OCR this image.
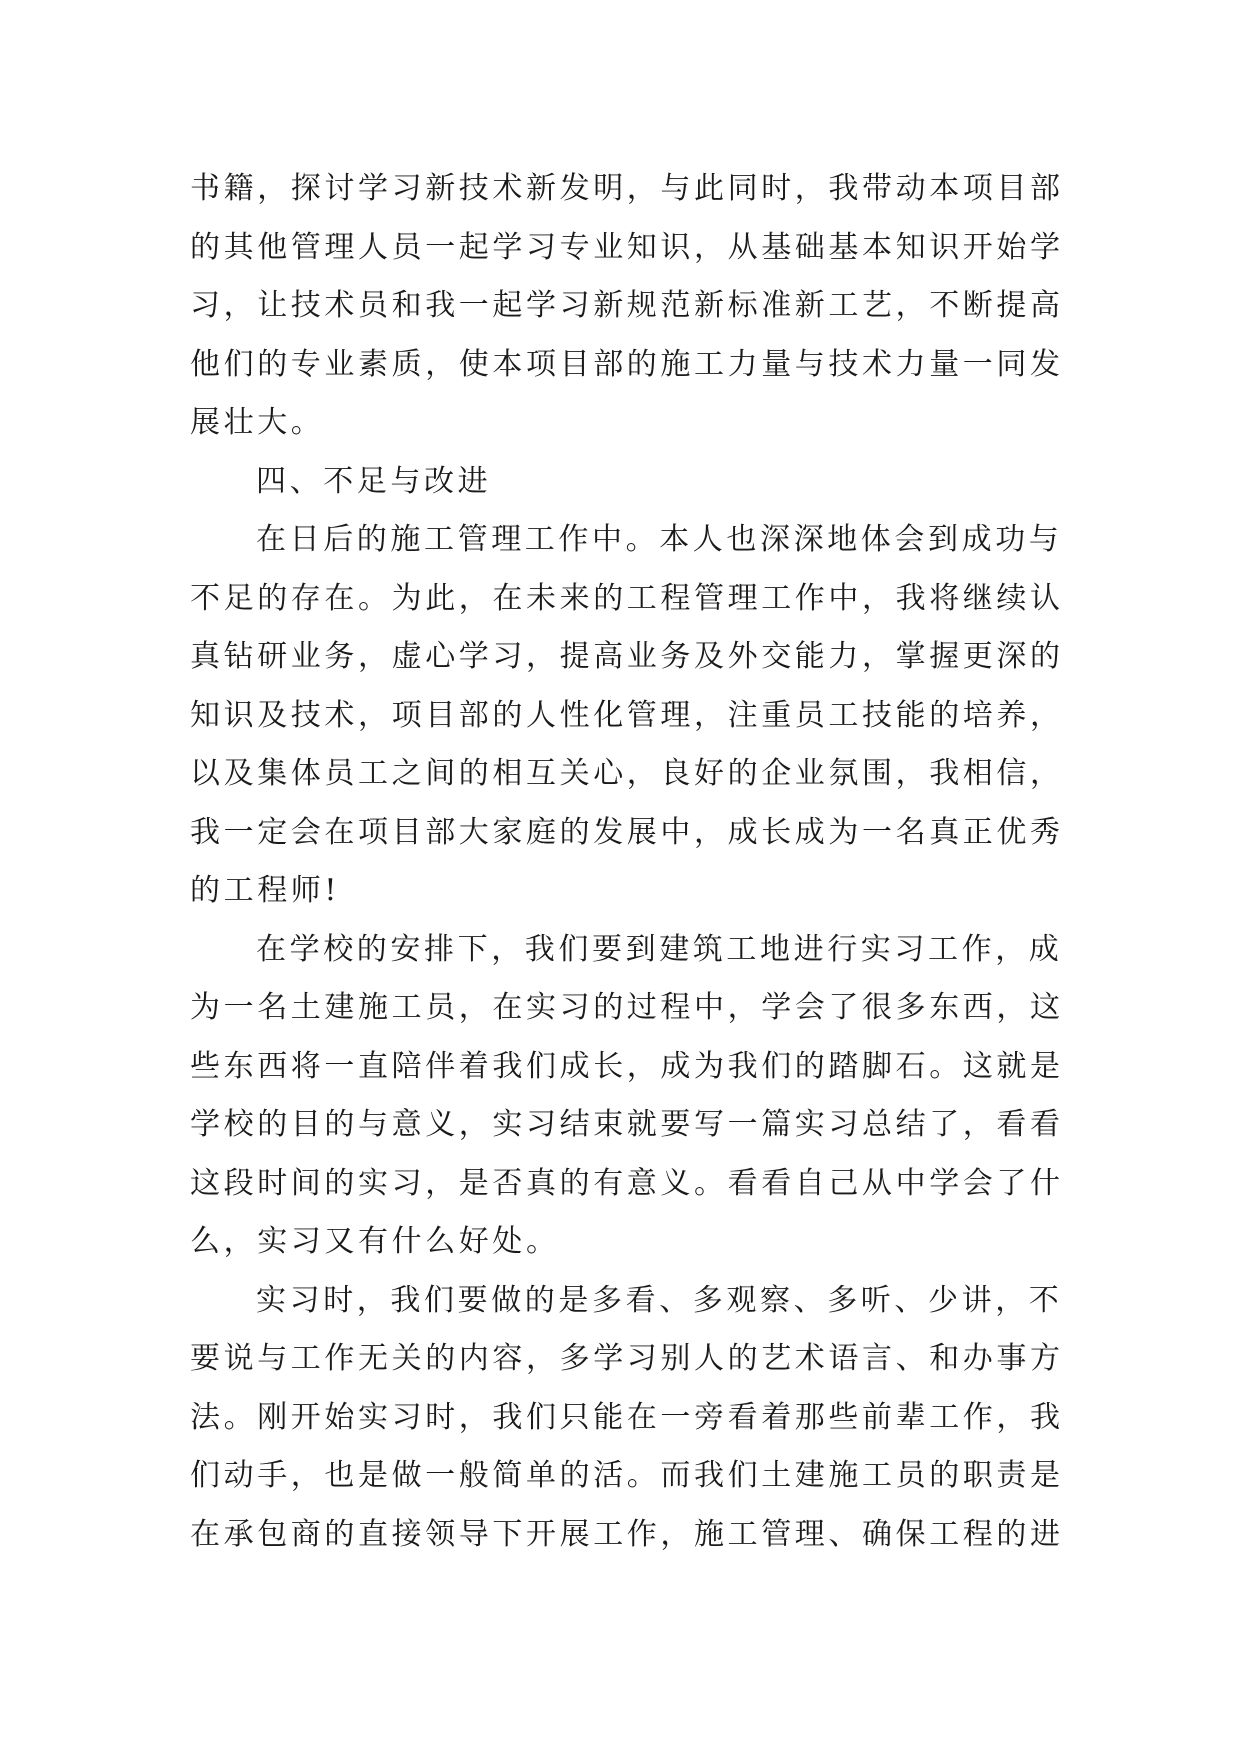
书籍，探讨学习新技术新发明，与此同时，我带动本项目部
的其他管理人员一起学习专业知识，从基础基本知识开始学
习，让技术员和我一起学习新规范新标准新工艺，不断提高
他们的专业素质，使本项目部的施工力量与技术力量一同发
展壮大。
四、不足与改进
在日后的施工管理工作中。本人也深深地体会到成功与
不足的存在。为此，在未来的工程管理工作中，我将继续认
真钻研业务，虚心学习，提高业务及外交能力，掌握更深的
知识及技术，项目部的人性化管理，注重员工技能的培养，
以及集体员工之间的相互关心，良好的企业氛围，我相信，
我一定会在项目部大家庭的发展中，成长成为一名真正优秀
的工程师!
在学校的安排下，我们要到建筑工地进行实习工作，成
为一名土建施工员，在实习的过程中，学会了很多东西，这
些东西将一直陪伴着我们成长，成为我们的踏脚石。这就是
学校的目的与意义，实习结束就要写一篇实习总结了，看看
这段时间的实习，是否真的有意义。看看自己从中学会了什
么，实习又有什么好处。
实习时，我们要做的是多看、多观察、多听、少讲，不
要说与工作无关的内容，多学习别人的艺术语言、和办事方
法。刚开始实习时，我们只能在一旁看着那些前辈工作，我
们动手，也是做一般简单的活。而我们土建施工员的职责是
在承包商的直接领导下开展工作，施工管理、确保工程的进
